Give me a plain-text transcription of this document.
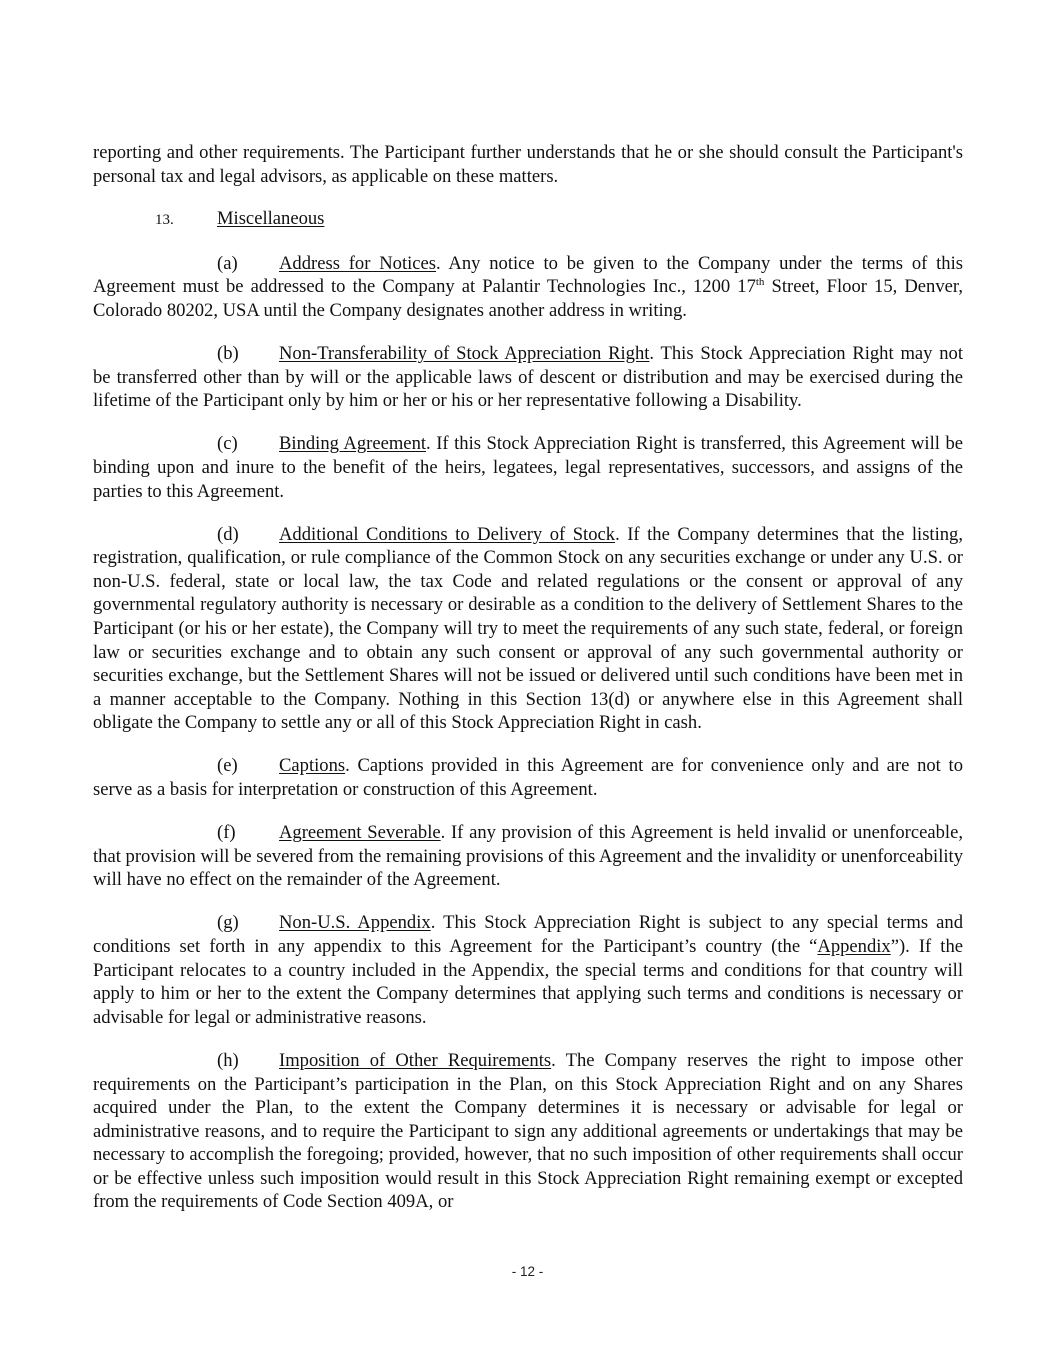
reporting and other requirements. The Participant further understands that he or she should consult the Participant's personal tax and legal advisors, as applicable on these matters.

13. Miscellaneous

(a) Address for Notices. Any notice to be given to the Company under the terms of this Agreement must be addressed to the Company at Palantir Technologies Inc., 1200 17th Street, Floor 15, Denver, Colorado 80202, USA until the Company designates another address in writing.

(b) Non-Transferability of Stock Appreciation Right. This Stock Appreciation Right may not be transferred other than by will or the applicable laws of descent or distribution and may be exercised during the lifetime of the Participant only by him or her or his or her representative following a Disability.

(c) Binding Agreement. If this Stock Appreciation Right is transferred, this Agreement will be binding upon and inure to the benefit of the heirs, legatees, legal representatives, successors, and assigns of the parties to this Agreement.

(d) Additional Conditions to Delivery of Stock. If the Company determines that the listing, registration, qualification, or rule compliance of the Common Stock on any securities exchange or under any U.S. or non-U.S. federal, state or local law, the tax Code and related regulations or the consent or approval of any governmental regulatory authority is necessary or desirable as a condition to the delivery of Settlement Shares to the Participant (or his or her estate), the Company will try to meet the requirements of any such state, federal, or foreign law or securities exchange and to obtain any such consent or approval of any such governmental authority or securities exchange, but the Settlement Shares will not be issued or delivered until such conditions have been met in a manner acceptable to the Company. Nothing in this Section 13(d) or anywhere else in this Agreement shall obligate the Company to settle any or all of this Stock Appreciation Right in cash.

(e) Captions. Captions provided in this Agreement are for convenience only and are not to serve as a basis for interpretation or construction of this Agreement.

(f) Agreement Severable. If any provision of this Agreement is held invalid or unenforceable, that provision will be severed from the remaining provisions of this Agreement and the invalidity or unenforceability will have no effect on the remainder of the Agreement.

(g) Non-U.S. Appendix. This Stock Appreciation Right is subject to any special terms and conditions set forth in any appendix to this Agreement for the Participant’s country (the “Appendix”). If the Participant relocates to a country included in the Appendix, the special terms and conditions for that country will apply to him or her to the extent the Company determines that applying such terms and conditions is necessary or advisable for legal or administrative reasons.

(h) Imposition of Other Requirements. The Company reserves the right to impose other requirements on the Participant’s participation in the Plan, on this Stock Appreciation Right and on any Shares acquired under the Plan, to the extent the Company determines it is necessary or advisable for legal or administrative reasons, and to require the Participant to sign any additional agreements or undertakings that may be necessary to accomplish the foregoing; provided, however, that no such imposition of other requirements shall occur or be effective unless such imposition would result in this Stock Appreciation Right remaining exempt or excepted from the requirements of Code Section 409A, or

- 12 -
